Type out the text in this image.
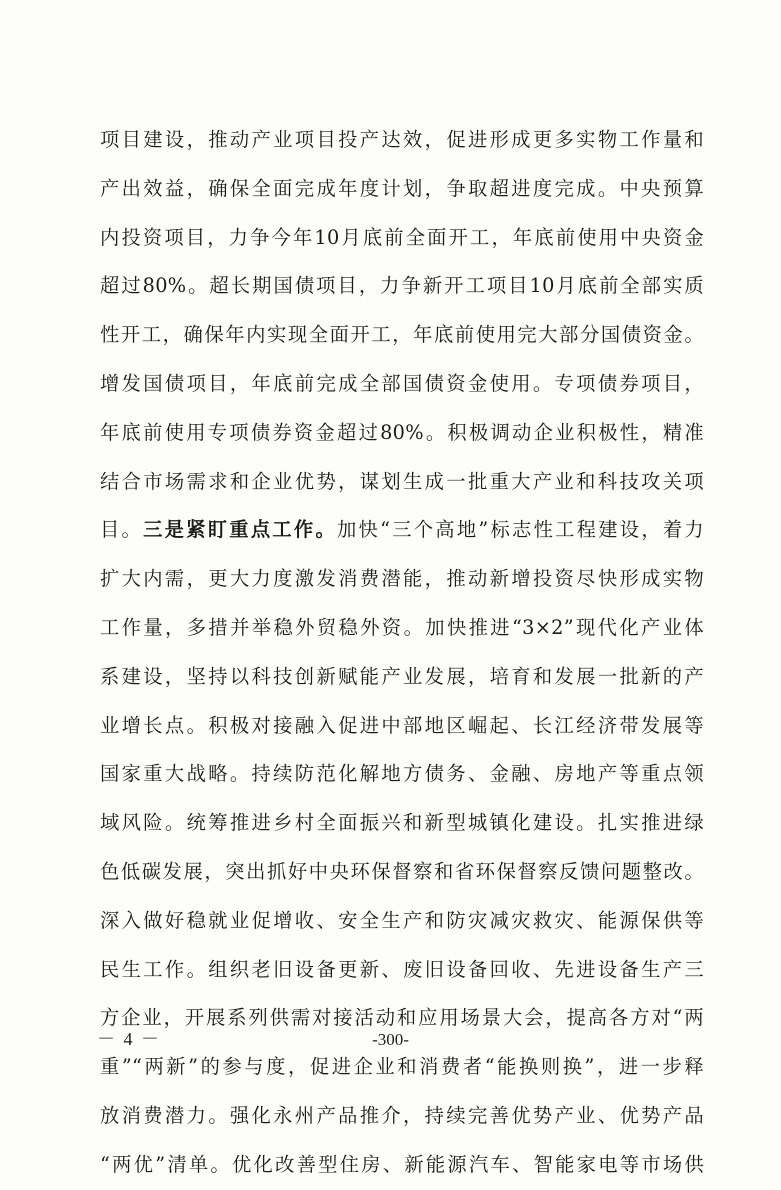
项目建设，推动产业项目投产达效，促进形成更多实物工作量和
产出效益，确保全面完成年度计划，争取超进度完成。中央预算
内投资项目，力争今年10月底前全面开工，年底前使用中央资金
超过80%。超长期国债项目，力争新开工项目10月底前全部实质
性开工，确保年内实现全面开工，年底前使用完大部分国债资金。
增发国债项目，年底前完成全部国债资金使用。专项债券项目，
年底前使用专项债券资金超过80%。积极调动企业积极性，精准
结合市场需求和企业优势，谋划生成一批重大产业和科技攻关项
目。三是紧盯重点工作。加快“三个高地”标志性工程建设，着力
扩大内需，更大力度激发消费潜能，推动新增投资尽快形成实物
工作量，多措并举稳外贸稳外资。加快推进“3×2”现代化产业体
系建设，坚持以科技创新赋能产业发展，培育和发展一批新的产
业增长点。积极对接融入促进中部地区崛起、长江经济带发展等
国家重大战略。持续防范化解地方债务、金融、房地产等重点领
域风险。统筹推进乡村全面振兴和新型城镇化建设。扎实推进绿
色低碳发展，突出抓好中央环保督察和省环保督察反馈问题整改。
深入做好稳就业促增收、安全生产和防灾减灾救灾、能源保供等
民生工作。组织老旧设备更新、废旧设备回收、先进设备生产三
方企业，开展系列供需对接活动和应用场景大会，提高各方对“两
重”“两新”的参与度，促进企业和消费者“能换则换”，进一步释
放消费潜力。强化永州产品推介，持续完善优势产业、优势产品
“两优”清单。优化改善型住房、新能源汽车、智能家电等市场供
－ 4 －	-300-
